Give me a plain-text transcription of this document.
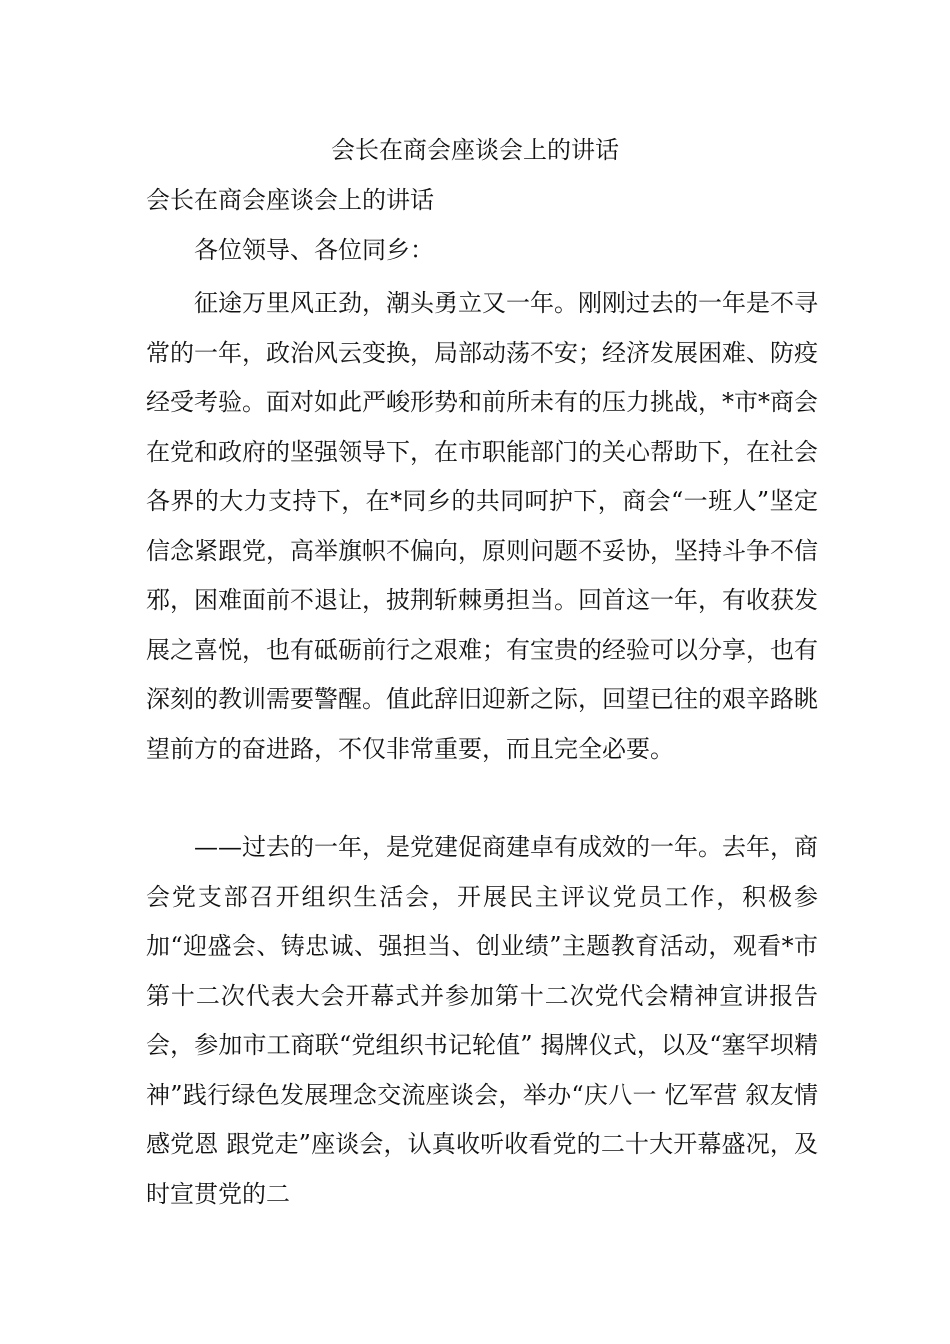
会长在商会座谈会上的讲话
会长在商会座谈会上的讲话

各位领导、各位同乡：

征途万里风正劲，潮头勇立又一年。刚刚过去的一年是不寻常的一年，政治风云变换，局部动荡不安；经济发展困难、防疫经受考验。面对如此严峻形势和前所未有的压力挑战，*市*商会在党和政府的坚强领导下，在市职能部门的关心帮助下，在社会各界的大力支持下，在*同乡的共同呵护下，商会“一班人”坚定信念紧跟党，高举旗帜不偏向，原则问题不妥协，坚持斗争不信邪，困难面前不退让，披荆斩棘勇担当。回首这一年，有收获发展之喜悦，也有砥砺前行之艰难；有宝贵的经验可以分享，也有深刻的教训需要警醒。值此辞旧迎新之际，回望已往的艰辛路眺望前方的奋进路，不仅非常重要，而且完全必要。

——过去的一年，是党建促商建卓有成效的一年。去年，商会党支部召开组织生活会，开展民主评议党员工作，积极参加“迎盛会、铸忠诚、强担当、创业绩”主题教育活动，观看*市第十二次代表大会开幕式并参加第十二次党代会精神宣讲报告会，参加市工商联“党组织书记轮值” 揭牌仪式，以及“塞罕坝精神”践行绿色发展理念交流座谈会，举办“庆八一 忆军营 叙友情 感党恩 跟党走”座谈会，认真收听收看党的二十大开幕盛况，及时宣贯党的二
